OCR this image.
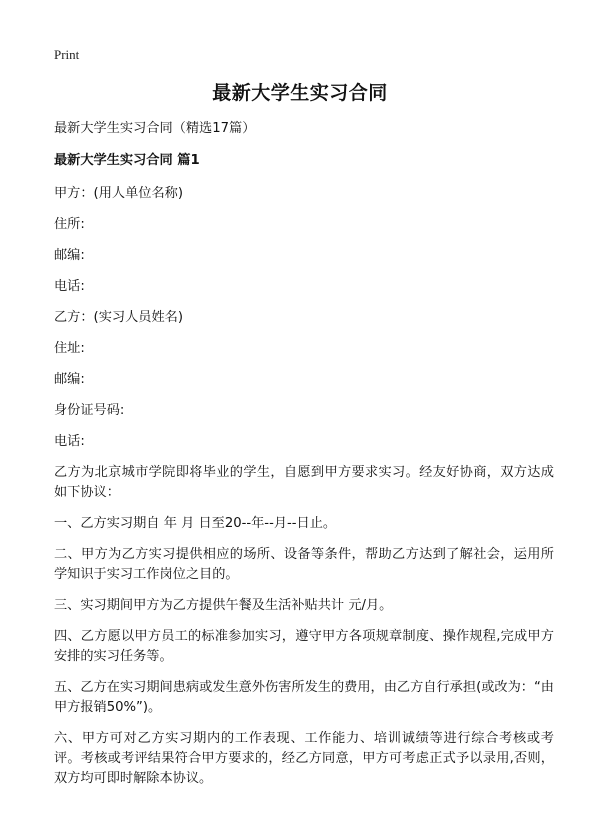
Print
最新大学生实习合同

最新大学生实习合同（精选17篇）

最新大学生实习合同 篇1

甲方：(用人单位名称)

住所:

邮编:

电话:

乙方：(实习人员姓名)

住址:

邮编:

身份证号码:

电话:

乙方为北京城市学院即将毕业的学生，自愿到甲方要求实习。经友好协商，双方达成如下协议：

一、乙方实习期自 年 月 日至20--年--月--日止。

二、甲方为乙方实习提供相应的场所、设备等条件，帮助乙方达到了解社会，运用所学知识于实习工作岗位之目的。

三、实习期间甲方为乙方提供午餐及生活补贴共计 元/月。

四、乙方愿以甲方员工的标准参加实习，遵守甲方各项规章制度、操作规程,完成甲方安排的实习任务等。

五、乙方在实习期间患病或发生意外伤害所发生的费用，由乙方自行承担(或改为：“由甲方报销50%”)。

六、甲方可对乙方实习期内的工作表现、工作能力、培训诚绩等进行综合考核或考评。考核或考评结果符合甲方要求的，经乙方同意，甲方可考虑正式予以录用,否则，双方均可即时解除本协议。
